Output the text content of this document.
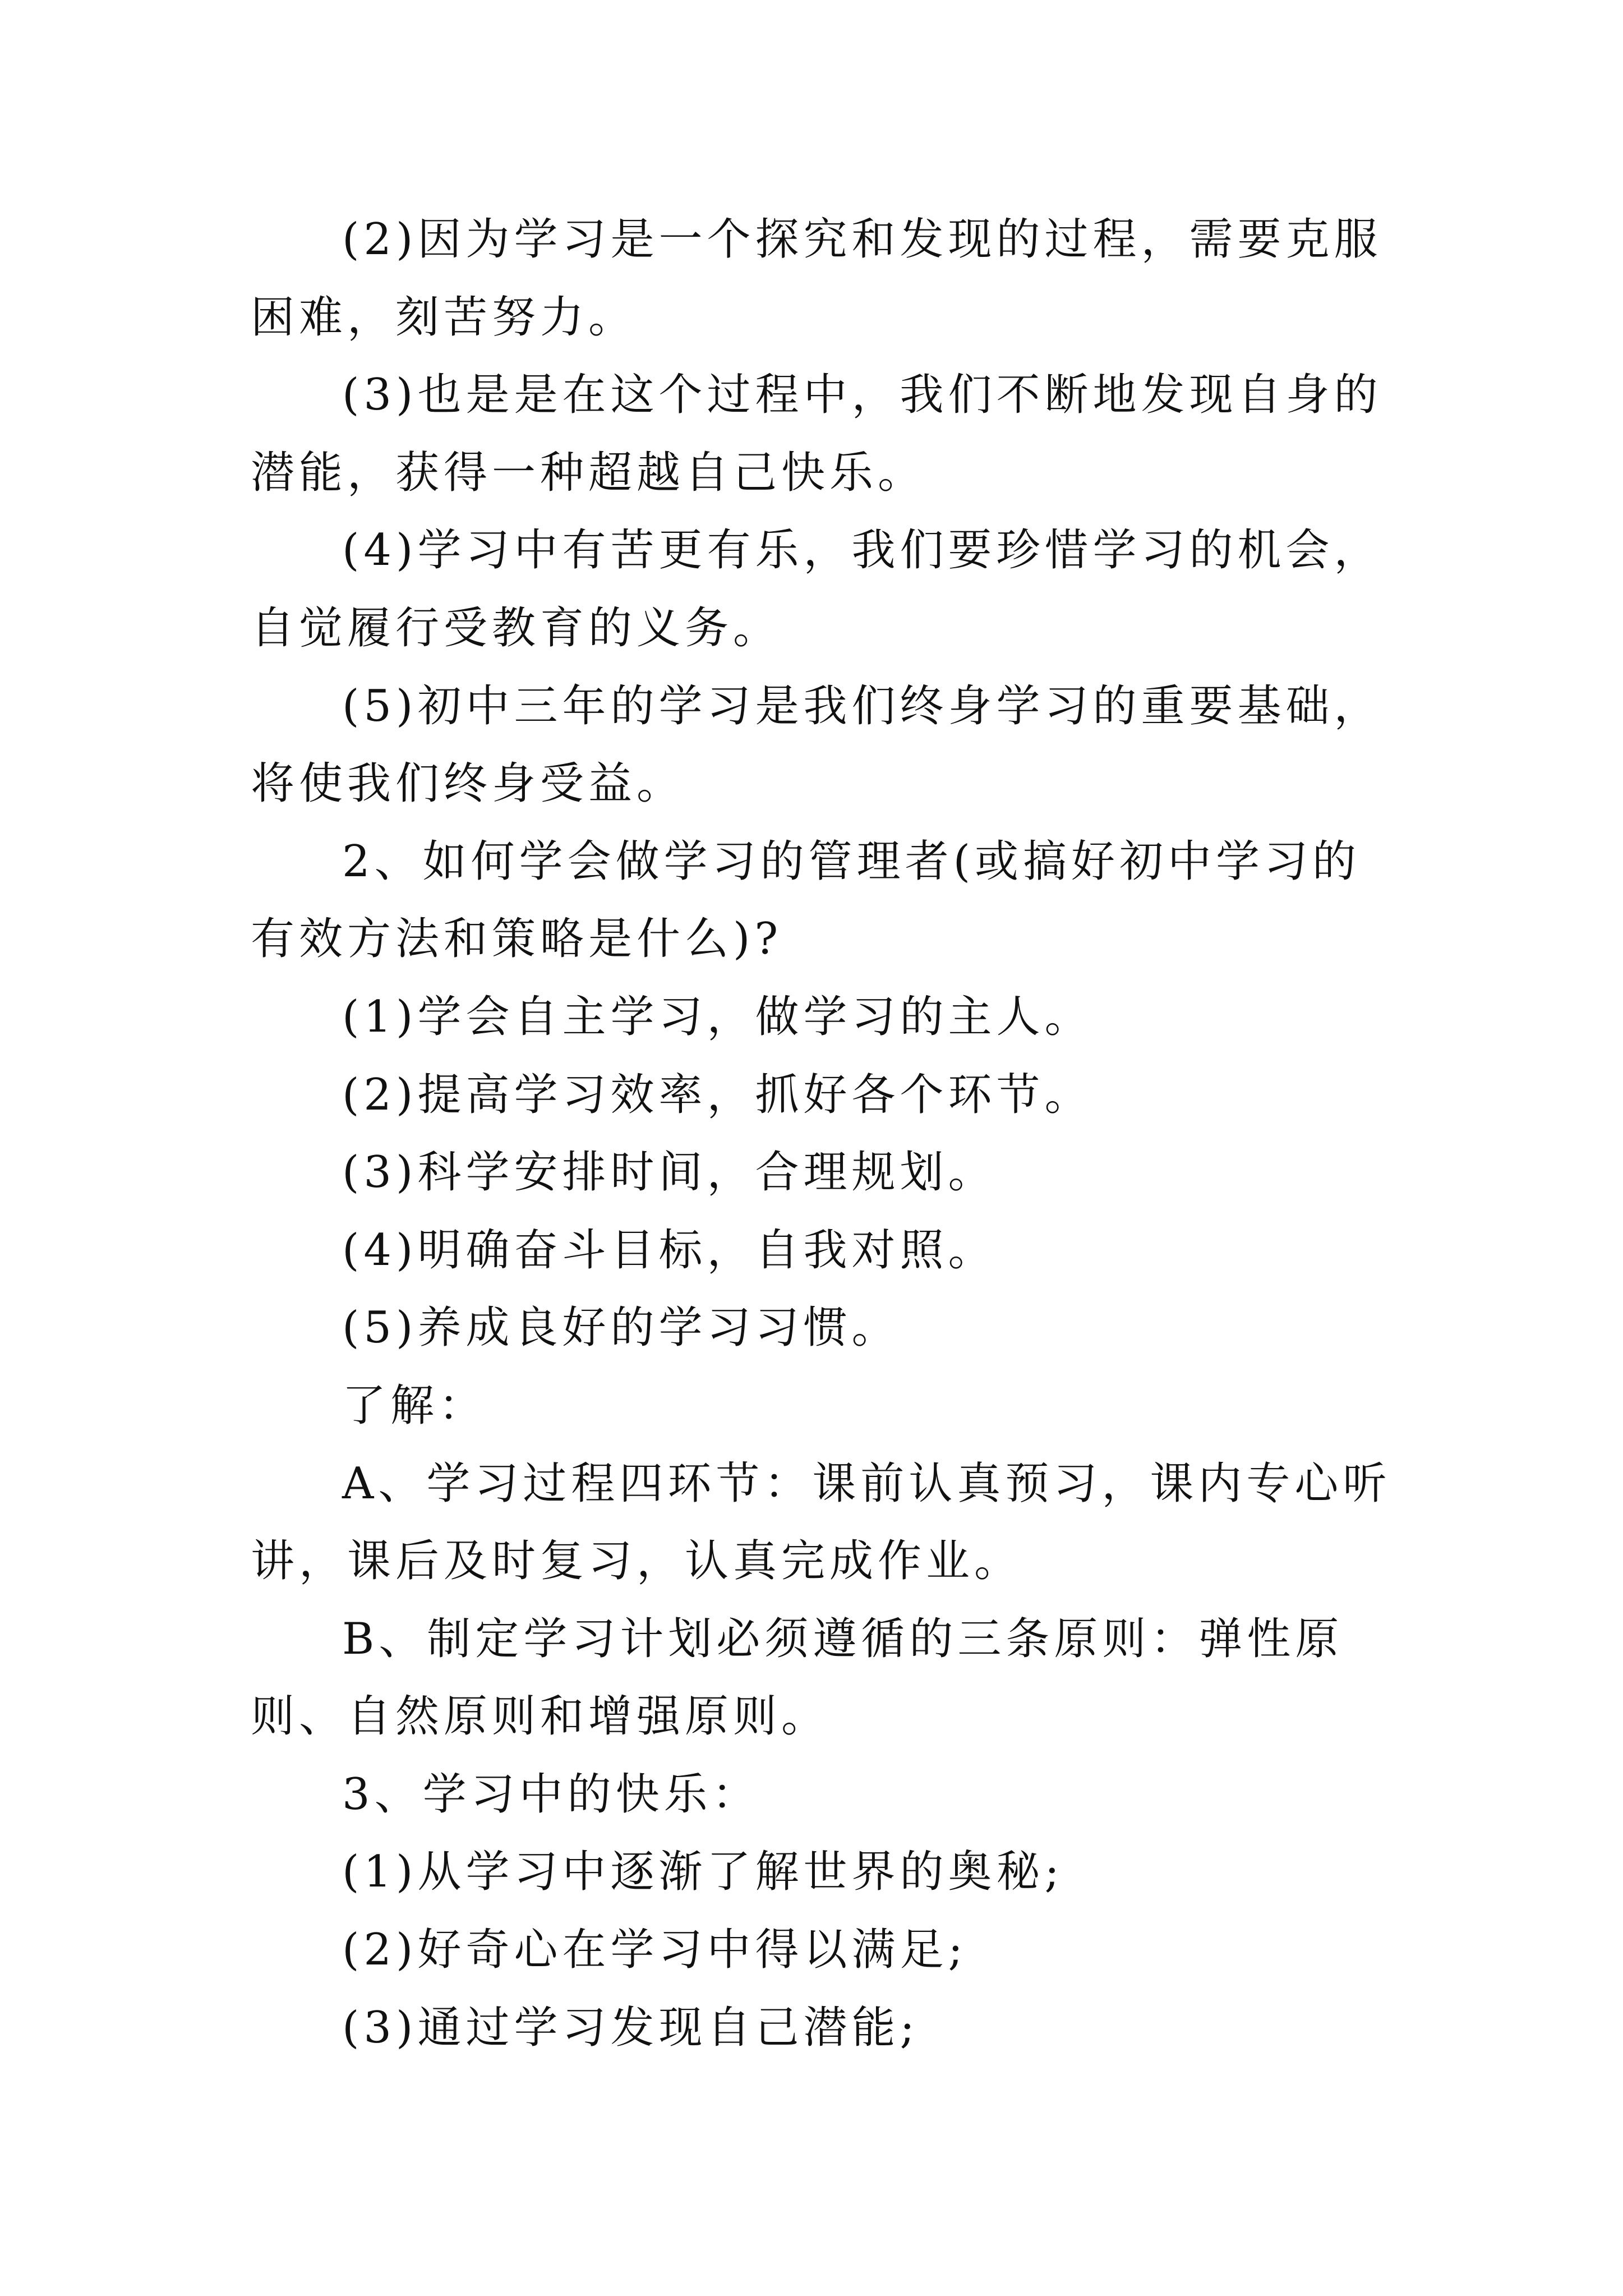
(2)因为学习是一个探究和发现的过程，需要克服困难，刻苦努力。

(3)也是是在这个过程中，我们不断地发现自身的潜能，获得一种超越自己快乐。

(4)学习中有苦更有乐，我们要珍惜学习的机会，自觉履行受教育的义务。

(5)初中三年的学习是我们终身学习的重要基础，将使我们终身受益。

2、如何学会做学习的管理者(或搞好初中学习的有效方法和策略是什么)?

(1)学会自主学习，做学习的主人。

(2)提高学习效率，抓好各个环节。

(3)科学安排时间，合理规划。

(4)明确奋斗目标，自我对照。

(5)养成良好的学习习惯。

了解：

A、学习过程四环节：课前认真预习，课内专心听讲，课后及时复习，认真完成作业。

B、制定学习计划必须遵循的三条原则：弹性原则、自然原则和增强原则。

3、学习中的快乐：

(1)从学习中逐渐了解世界的奥秘;

(2)好奇心在学习中得以满足;

(3)通过学习发现自己潜能;
